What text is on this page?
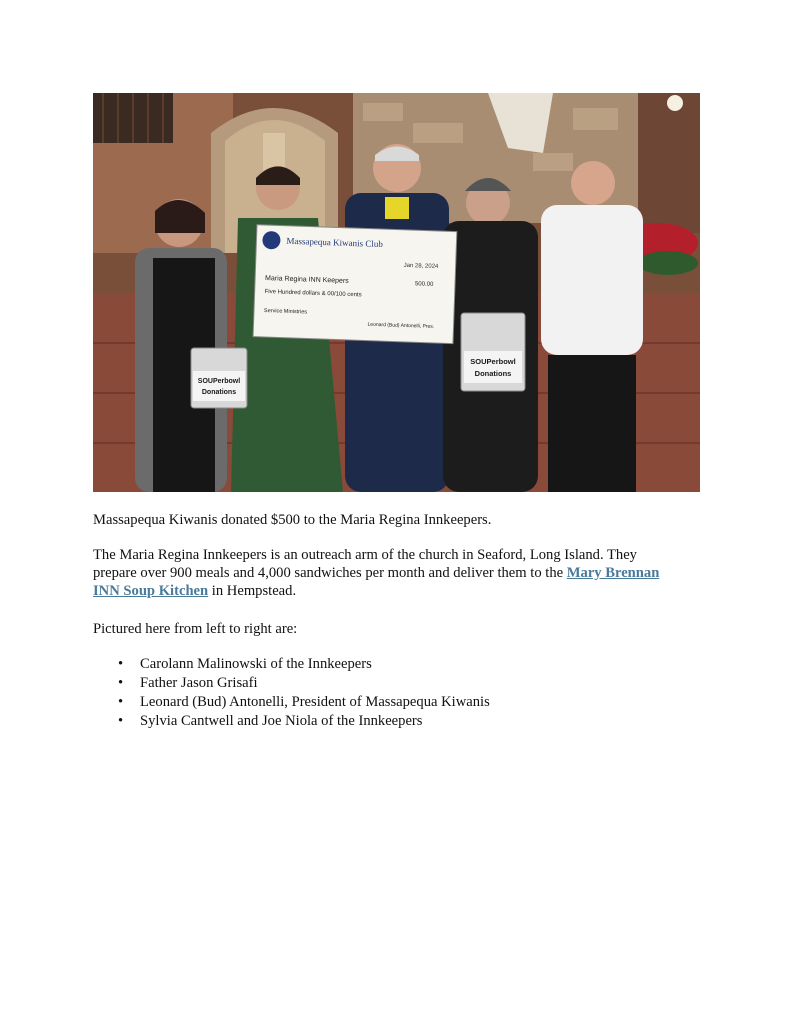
Massapequa Kiwanis Club
Jan 28, 2024
Maria Regina INN Keepers	500.00
Five Hundred dollars & 00/100 cents
Service Ministries
Leonard (Bud) Antonelli, Pres.
SOUPerbowl
Donations
SOUPerbowl
Donations
Massapequa Kiwanis donated $500 to the Maria Regina Innkeepers.
The Maria Regina Innkeepers is an outreach arm of the church in Seaford, Long Island. They
prepare over 900 meals and 4,000 sandwiches per month and deliver them to the Mary Brennan
INN Soup Kitchen in Hempstead.
Pictured here from left to right are:
• Carolann Malinowski of the Innkeepers
• Father Jason Grisafi
• Leonard (Bud) Antonelli, President of Massapequa Kiwanis
• Sylvia Cantwell and Joe Niola of the Innkeepers
